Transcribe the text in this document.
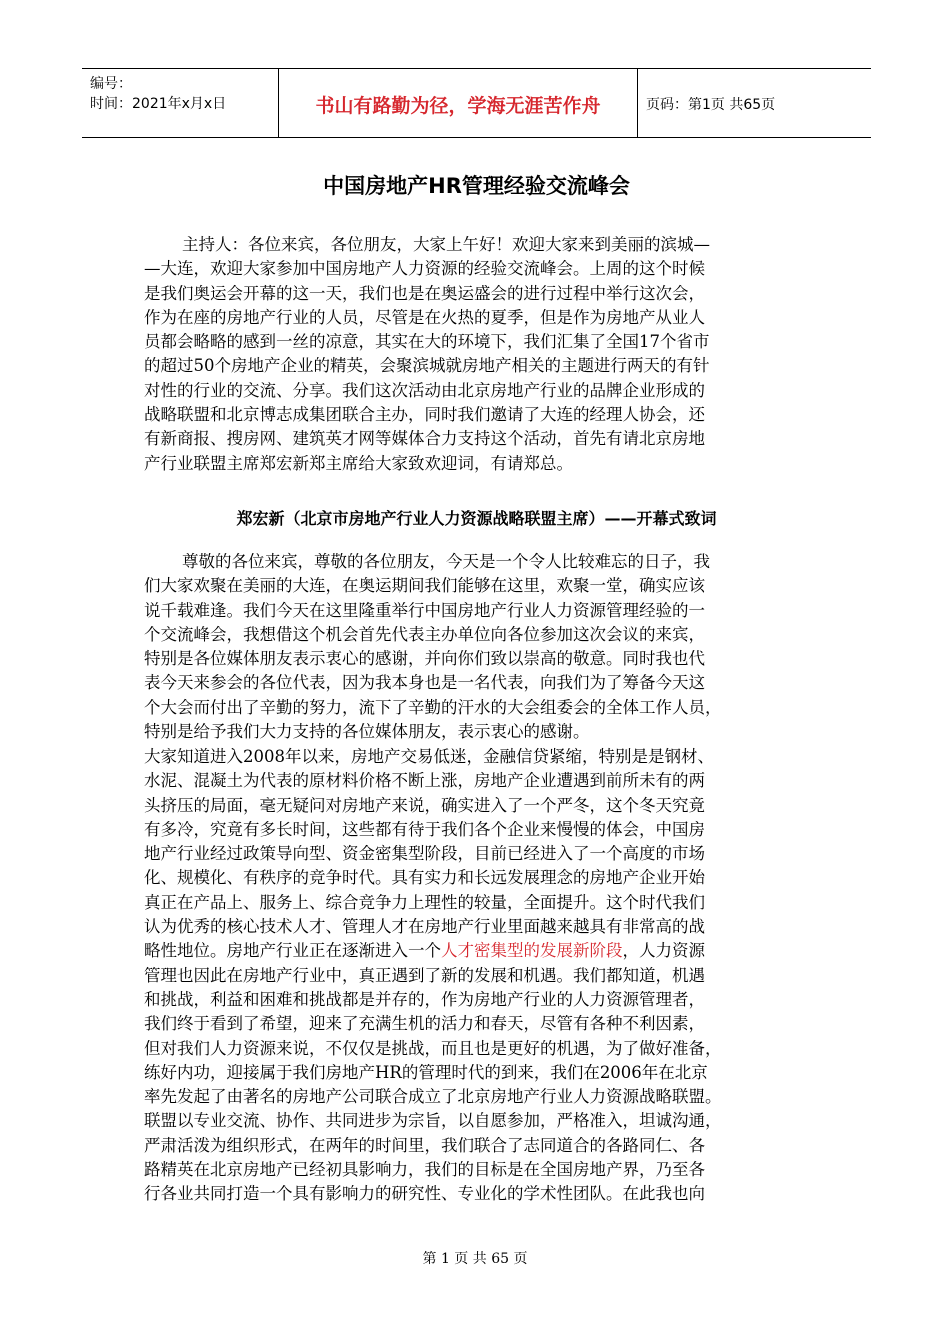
编号：
时间：2021年x月x日	书山有路勤为径，学海无涯苦作舟	页码：第1页 共65页
中国房地产HR管理经验交流峰会
主持人：各位来宾，各位朋友，大家上午好！欢迎大家来到美丽的滨城—
—大连，欢迎大家参加中国房地产人力资源的经验交流峰会。上周的这个时候
是我们奥运会开幕的这一天，我们也是在奥运盛会的进行过程中举行这次会，
作为在座的房地产行业的人员，尽管是在火热的夏季，但是作为房地产从业人
员都会略略的感到一丝的凉意，其实在大的环境下，我们汇集了全国17个省市
的超过50个房地产企业的精英，会聚滨城就房地产相关的主题进行两天的有针
对性的行业的交流、分享。我们这次活动由北京房地产行业的品牌企业形成的
战略联盟和北京博志成集团联合主办，同时我们邀请了大连的经理人协会，还
有新商报、搜房网、建筑英才网等媒体合力支持这个活动，首先有请北京房地
产行业联盟主席郑宏新郑主席给大家致欢迎词，有请郑总。
郑宏新（北京市房地产行业人力资源战略联盟主席）——开幕式致词
尊敬的各位来宾，尊敬的各位朋友，今天是一个令人比较难忘的日子，我
们大家欢聚在美丽的大连，在奥运期间我们能够在这里，欢聚一堂，确实应该
说千载难逢。我们今天在这里隆重举行中国房地产行业人力资源管理经验的一
个交流峰会，我想借这个机会首先代表主办单位向各位参加这次会议的来宾，
特别是各位媒体朋友表示衷心的感谢，并向你们致以崇高的敬意。同时我也代
表今天来参会的各位代表，因为我本身也是一名代表，向我们为了筹备今天这
个大会而付出了辛勤的努力，流下了辛勤的汗水的大会组委会的全体工作人员，
特别是给予我们大力支持的各位媒体朋友，表示衷心的感谢。
大家知道进入2008年以来，房地产交易低迷，金融信贷紧缩，特别是是钢材、
水泥、混凝土为代表的原材料价格不断上涨，房地产企业遭遇到前所未有的两
头挤压的局面，毫无疑问对房地产来说，确实进入了一个严冬，这个冬天究竟
有多冷，究竟有多长时间，这些都有待于我们各个企业来慢慢的体会，中国房
地产行业经过政策导向型、资金密集型阶段，目前已经进入了一个高度的市场
化、规模化、有秩序的竞争时代。具有实力和长远发展理念的房地产企业开始
真正在产品上、服务上、综合竞争力上理性的较量，全面提升。这个时代我们
认为优秀的核心技术人才、管理人才在房地产行业里面越来越具有非常高的战
略性地位。房地产行业正在逐渐进入一个人才密集型的发展新阶段，人力资源
管理也因此在房地产行业中，真正遇到了新的发展和机遇。我们都知道，机遇
和挑战，利益和困难和挑战都是并存的，作为房地产行业的人力资源管理者，
我们终于看到了希望，迎来了充满生机的活力和春天，尽管有各种不利因素，
但对我们人力资源来说，不仅仅是挑战，而且也是更好的机遇，为了做好准备，
练好内功，迎接属于我们房地产HR的管理时代的到来，我们在2006年在北京
率先发起了由著名的房地产公司联合成立了北京房地产行业人力资源战略联盟。
联盟以专业交流、协作、共同进步为宗旨，以自愿参加，严格准入，坦诚沟通，
严肃活泼为组织形式，在两年的时间里，我们联合了志同道合的各路同仁、各
路精英在北京房地产已经初具影响力，我们的目标是在全国房地产界，乃至各
行各业共同打造一个具有影响力的研究性、专业化的学术性团队。在此我也向
第 1 页 共 65 页
